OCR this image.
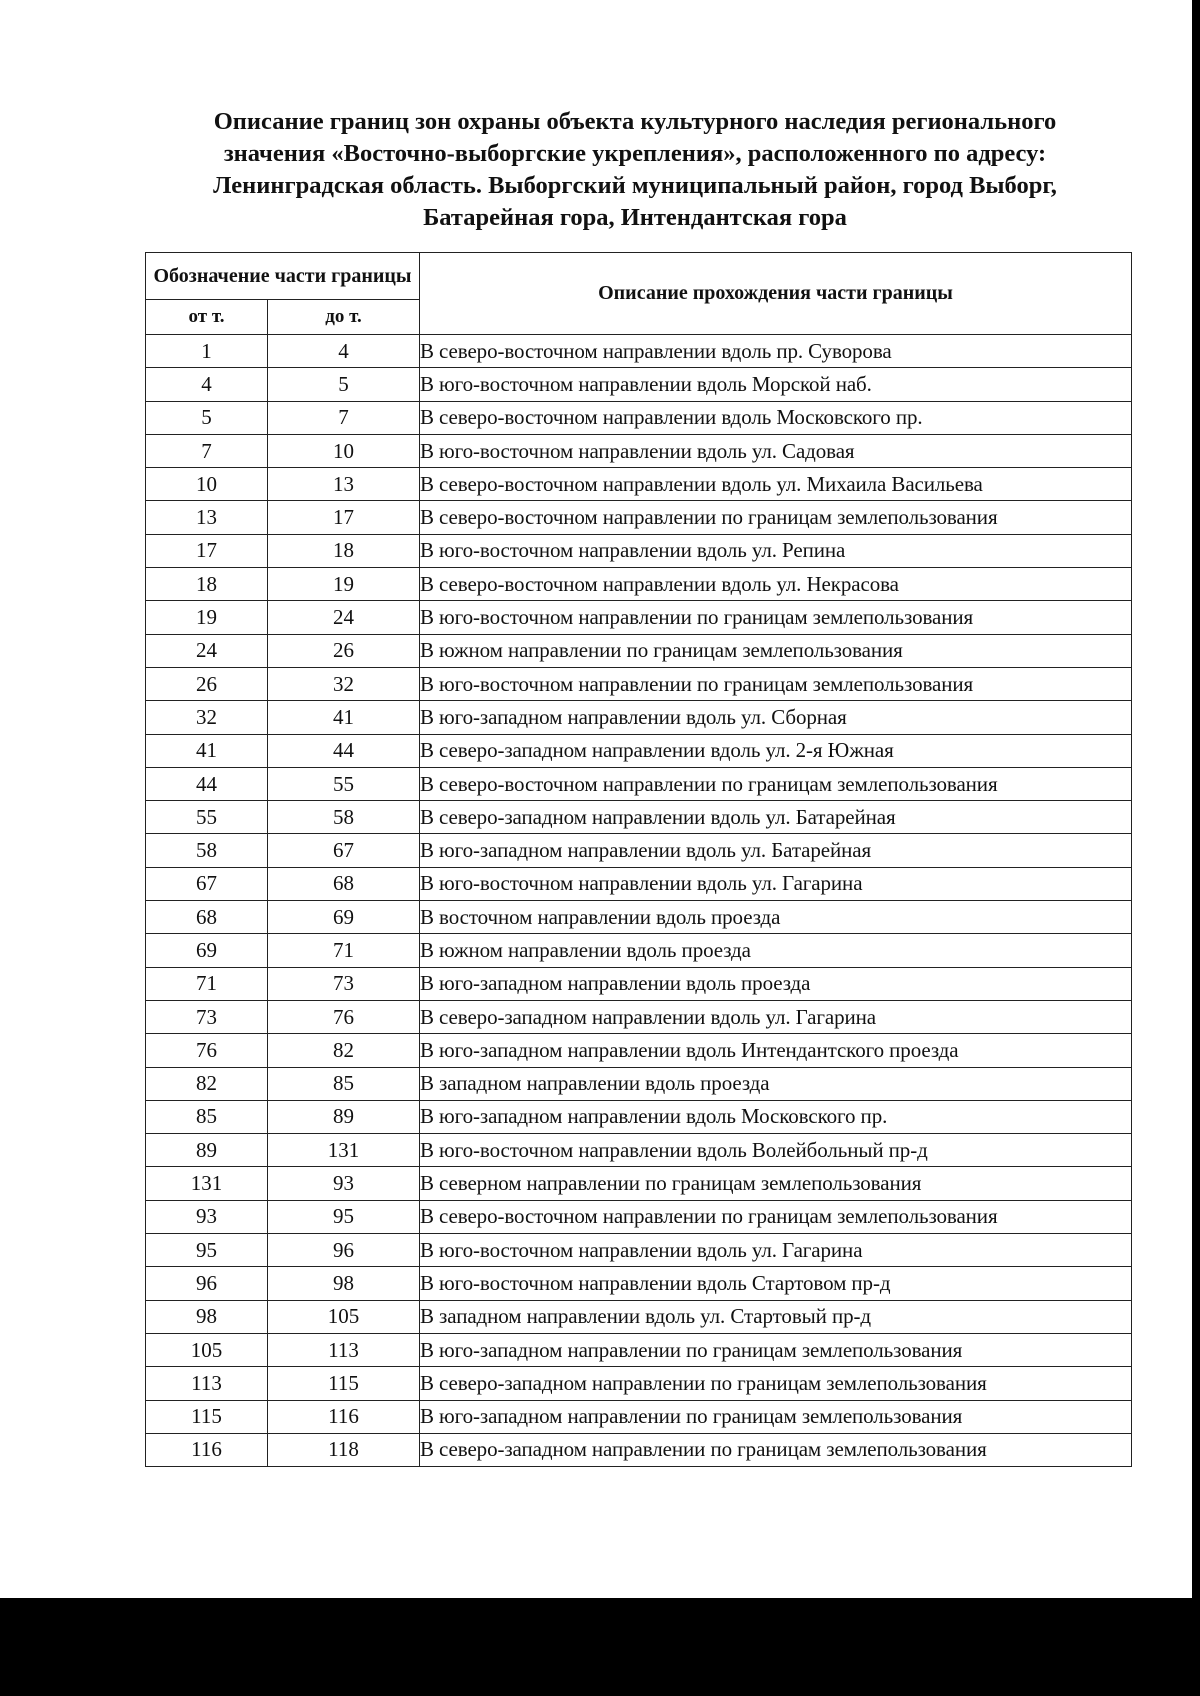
Описание границ зон охраны объекта культурного наследия регионального
значения «Восточно-выборгские укрепления», расположенного по адресу:
Ленинградская область. Выборгский муниципальный район, город Выборг,
Батарейная гора, Интендантская гора
Обозначение части границы		Описание прохождения части границы
от т.	до т.	
1	4	В северо-восточном направлении вдоль пр. Суворова
4	5	В юго-восточном направлении вдоль Морской наб.
5	7	В северо-восточном направлении вдоль Московского пр.
7	10	В юго-восточном направлении вдоль ул. Садовая
10	13	В северо-восточном направлении вдоль ул. Михаила Васильева
13	17	В северо-восточном направлении по границам землепользования
17	18	В юго-восточном направлении вдоль ул. Репина
18	19	В северо-восточном направлении вдоль ул. Некрасова
19	24	В юго-восточном направлении по границам землепользования
24	26	В южном направлении по границам землепользования
26	32	В юго-восточном направлении по границам землепользования
32	41	В юго-западном направлении вдоль ул. Сборная
41	44	В северо-западном направлении вдоль ул. 2-я Южная
44	55	В северо-восточном направлении по границам землепользования
55	58	В северо-западном направлении вдоль ул. Батарейная
58	67	В юго-западном направлении вдоль ул. Батарейная
67	68	В юго-восточном направлении вдоль ул. Гагарина
68	69	В восточном направлении вдоль проезда
69	71	В южном направлении вдоль проезда
71	73	В юго-западном направлении вдоль проезда
73	76	В северо-западном направлении вдоль ул. Гагарина
76	82	В юго-западном направлении вдоль Интендантского проезда
82	85	В западном направлении вдоль проезда
85	89	В юго-западном направлении вдоль Московского пр.
89	131	В юго-восточном направлении вдоль Волейбольный пр-д
131	93	В северном направлении по границам землепользования
93	95	В северо-восточном направлении по границам землепользования
95	96	В юго-восточном направлении вдоль ул. Гагарина
96	98	В юго-восточном направлении вдоль Стартовом пр-д
98	105	В западном направлении вдоль ул. Стартовый пр-д
105	113	В юго-западном направлении по границам землепользования
113	115	В северо-западном направлении по границам землепользования
115	116	В юго-западном направлении по границам землепользования
116	118	В северо-западном направлении по границам землепользования
